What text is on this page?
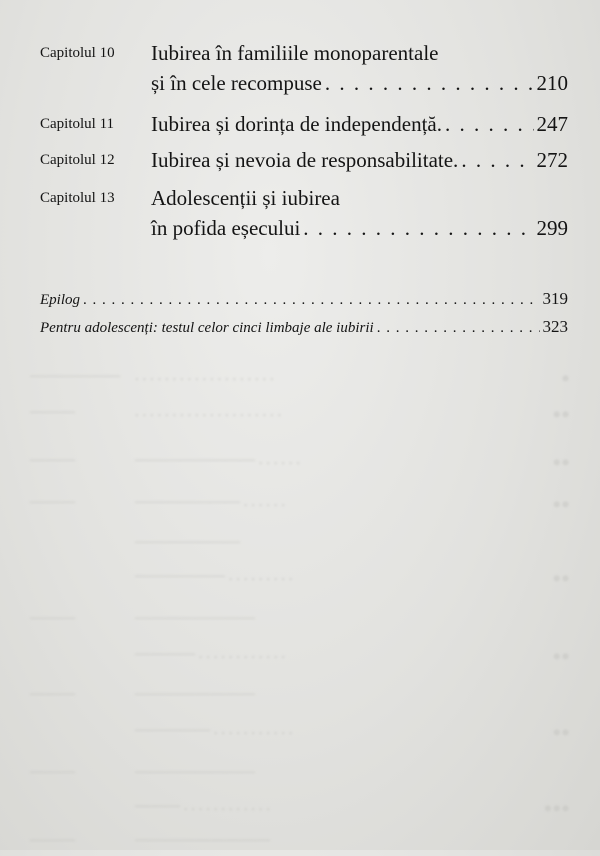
—————— . . . . . . . . . . . . . . . . . . .	∘
———	. . . . . . . . . . . . . . . . . . . .	∘∘
———	———————— . . . . . .	∘∘
———	——————— . . . . . .	∘∘
———————
—————— . . . . . . . . .	∘∘
———	————————
———— . . . . . . . . . . . .	∘∘
———	————————
————— . . . . . . . . . . .	∘∘
———	————————
——— . . . . . . . . . . . .	∘∘∘
———	—————————
Capitolul 10 Iubirea în familiile monoparentale
și în cele recompuse . . .	210
Capitolul 11 Iubirea și dorința de independență. . . .	247
Capitolul 12 Iubirea și nevoia de responsabilitate. . . .	272
Capitolul 13 Adolescenții și iubirea
în pofida eșecului . . .	299
Epilog . . .	319
Pentru adolescenți: testul celor cinci limbaje ale iubirii . . .	323
